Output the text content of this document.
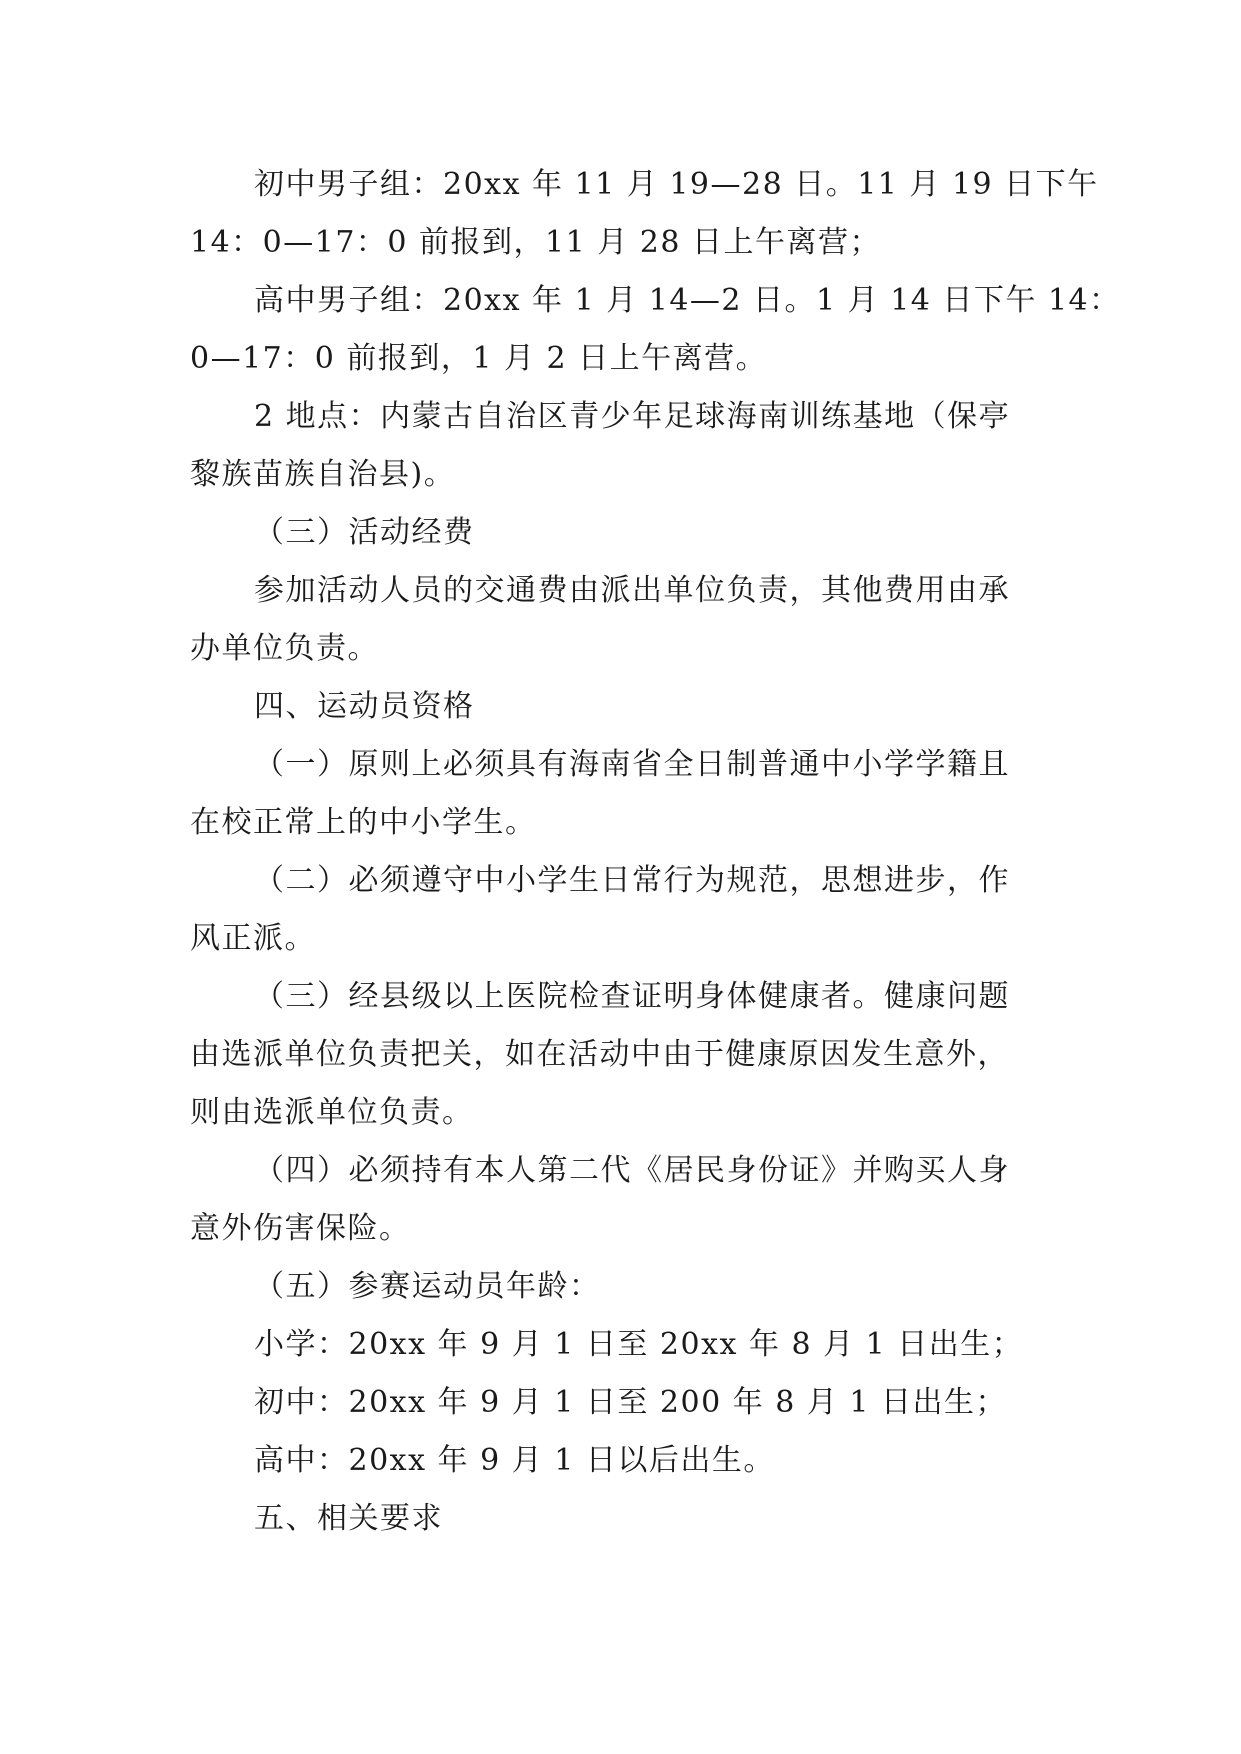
初中男子组：20xx 年 11 月 19—28 日。11 月 19 日下午
14：0—17：0 前报到，11 月 28 日上午离营；
高中男子组：20xx 年 1 月 14—2 日。1 月 14 日下午 14：
0—17：0 前报到，1 月 2 日上午离营。
2 地点：内蒙古自治区青少年足球海南训练基地（保亭
黎族苗族自治县)。
（三）活动经费
参加活动人员的交通费由派出单位负责，其他费用由承
办单位负责。
四、运动员资格
（一）原则上必须具有海南省全日制普通中小学学籍且
在校正常上的中小学生。
（二）必须遵守中小学生日常行为规范，思想进步，作
风正派。
（三）经县级以上医院检查证明身体健康者。健康问题
由选派单位负责把关，如在活动中由于健康原因发生意外，
则由选派单位负责。
（四）必须持有本人第二代《居民身份证》并购买人身
意外伤害保险。
（五）参赛运动员年龄：
小学：20xx 年 9 月 1 日至 20xx 年 8 月 1 日出生；
初中：20xx 年 9 月 1 日至 200 年 8 月 1 日出生；
高中：20xx 年 9 月 1 日以后出生。
五、相关要求
